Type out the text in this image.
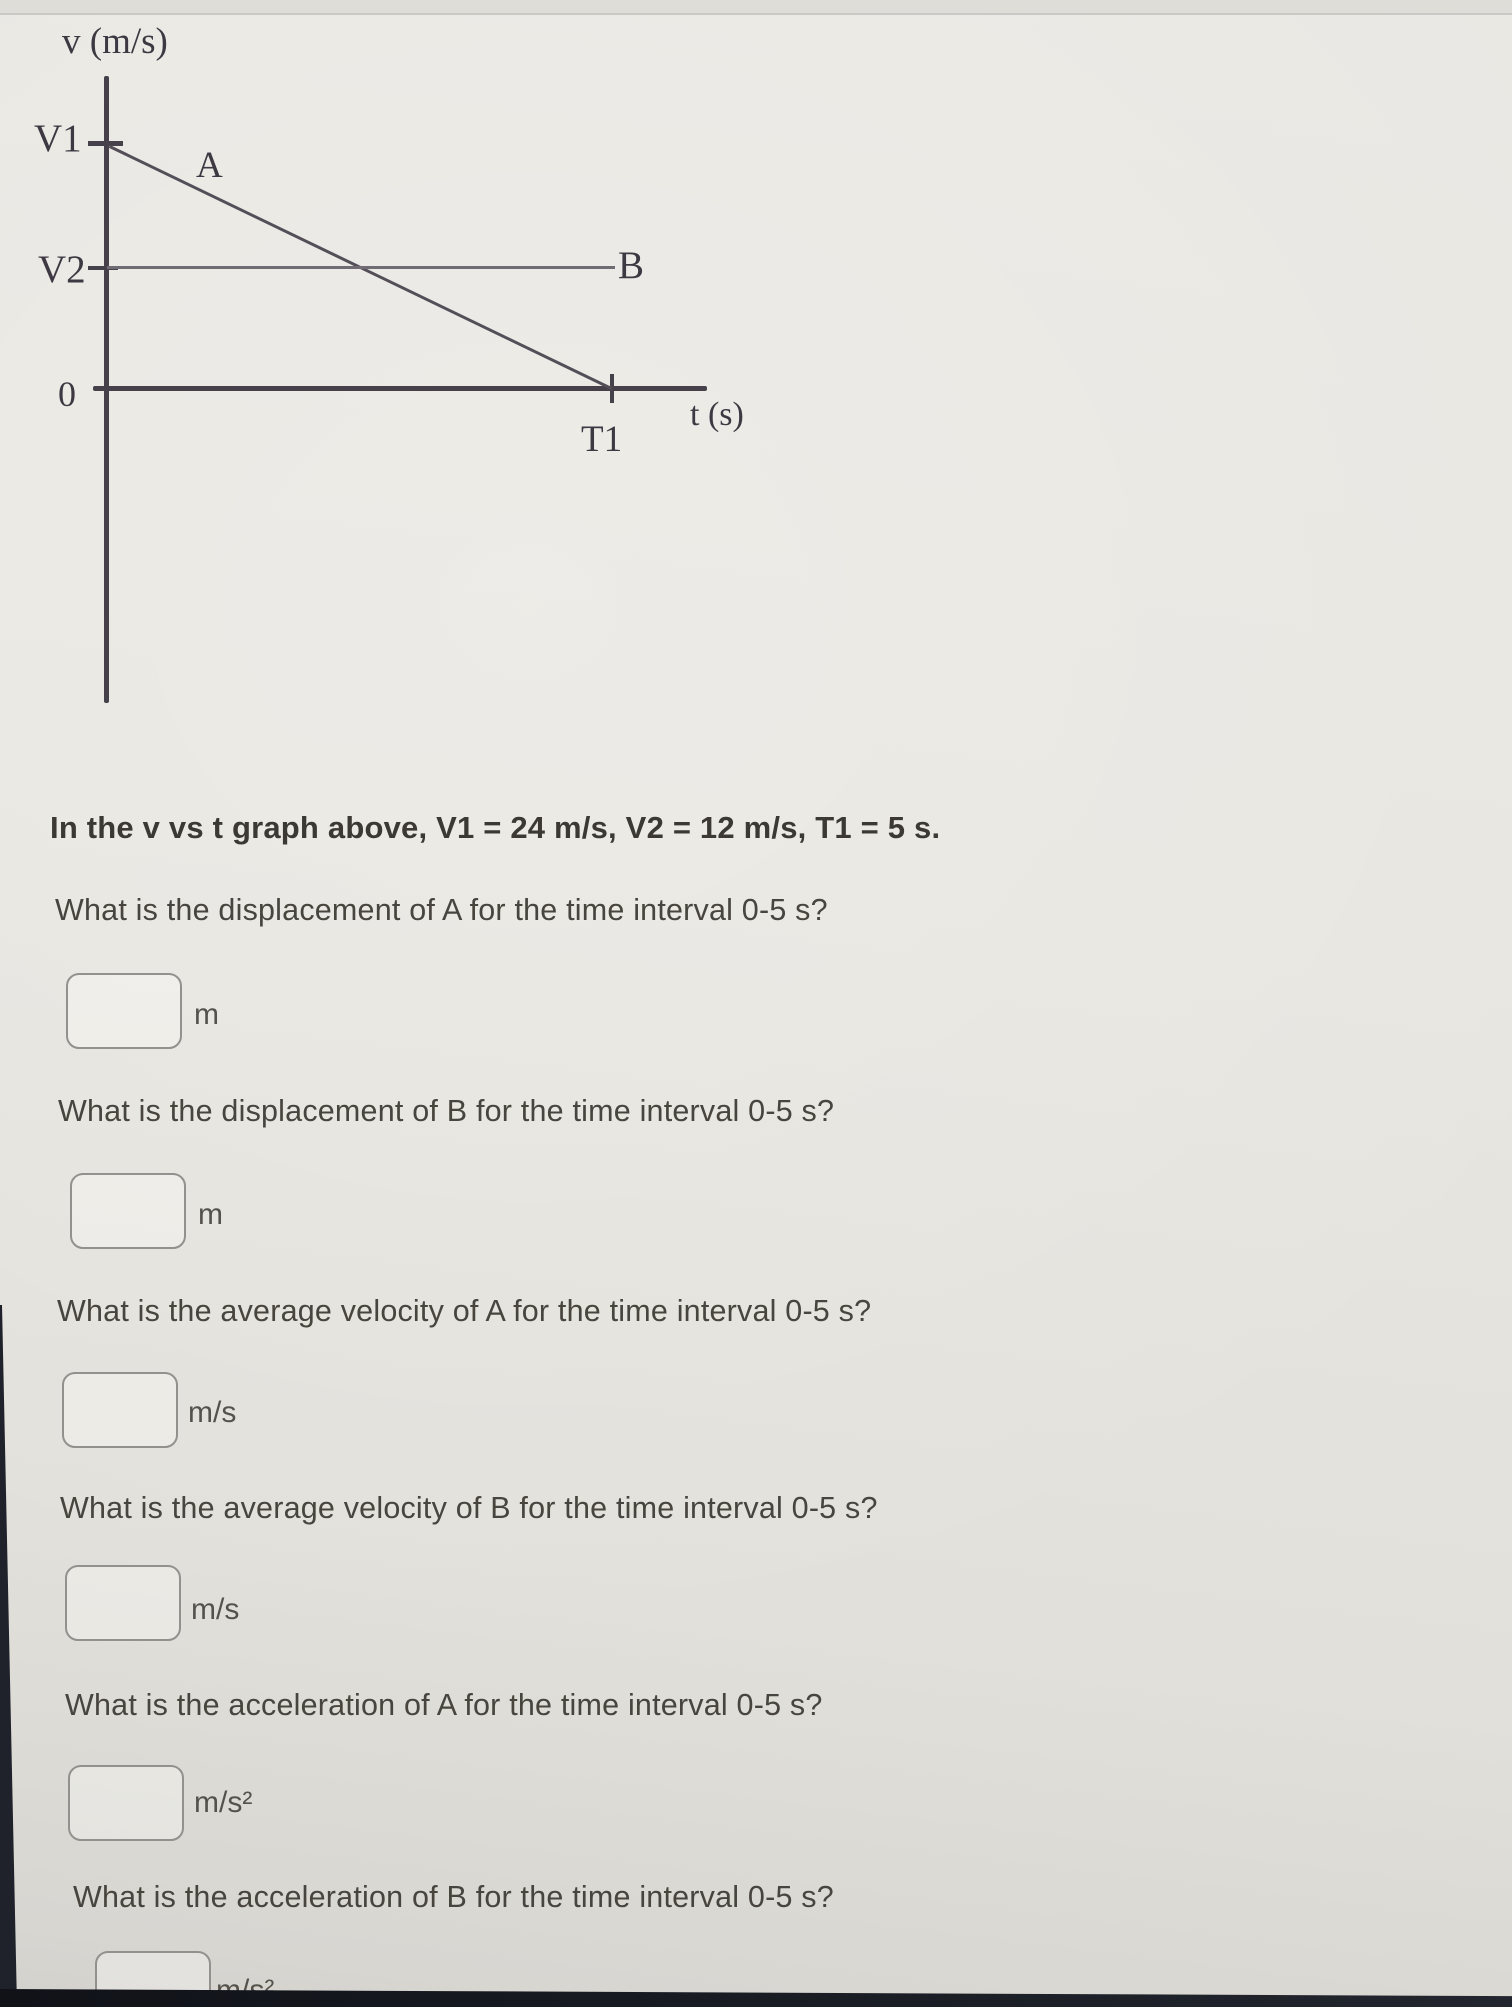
v (m/s)
V1
V2
0
A
B
T1
t (s)
In the v vs t graph above, V1 = 24 m/s, V2 = 12 m/s, T1 = 5 s.
What is the displacement of A for the time interval 0-5 s?
m
What is the displacement of B for the time interval 0-5 s?
m
What is the average velocity of A for the time interval 0-5 s?
m/s
What is the average velocity of B for the time interval 0-5 s?
m/s
What is the acceleration of A for the time interval 0-5 s?
m/s²
What is the acceleration of B for the time interval 0-5 s?
